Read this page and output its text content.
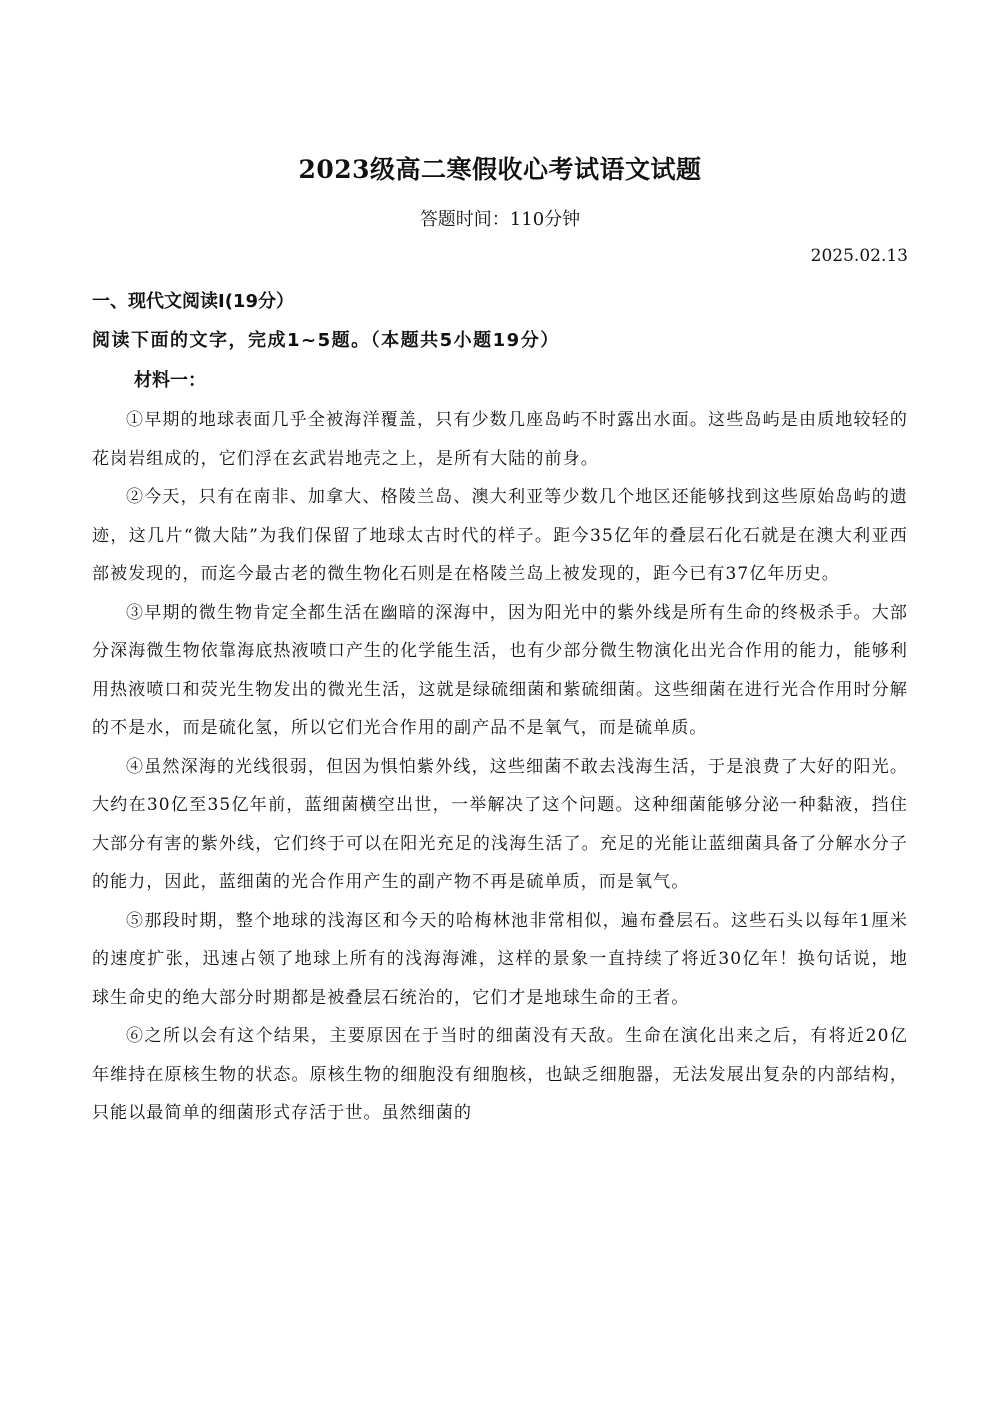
2023级高二寒假收心考试语文试题
答题时间：110分钟
2025.02.13
一、现代文阅读I(19分）
阅读下面的文字，完成1~5题。（本题共5小题19分）
材料一：

①早期的地球表面几乎全被海洋覆盖，只有少数几座岛屿不时露出水面。这些岛屿是由质地较轻的花岗岩组成的，它们浮在玄武岩地壳之上，是所有大陆的前身。

②今天，只有在南非、加拿大、格陵兰岛、澳大利亚等少数几个地区还能够找到这些原始岛屿的遗迹，这几片“微大陆”为我们保留了地球太古时代的样子。距今35亿年的叠层石化石就是在澳大利亚西部被发现的，而迄今最古老的微生物化石则是在格陵兰岛上被发现的，距今已有37亿年历史。

③早期的微生物肯定全都生活在幽暗的深海中，因为阳光中的紫外线是所有生命的终极杀手。大部分深海微生物依靠海底热液喷口产生的化学能生活，也有少部分微生物演化出光合作用的能力，能够利用热液喷口和荧光生物发出的微光生活，这就是绿硫细菌和紫硫细菌。这些细菌在进行光合作用时分解的不是水，而是硫化氢，所以它们光合作用的副产品不是氧气，而是硫单质。

④虽然深海的光线很弱，但因为惧怕紫外线，这些细菌不敢去浅海生活，于是浪费了大好的阳光。大约在30亿至35亿年前，蓝细菌横空出世，一举解决了这个问题。这种细菌能够分泌一种黏液，挡住大部分有害的紫外线，它们终于可以在阳光充足的浅海生活了。充足的光能让蓝细菌具备了分解水分子的能力，因此，蓝细菌的光合作用产生的副产物不再是硫单质，而是氧气。

⑤那段时期，整个地球的浅海区和今天的哈梅林池非常相似，遍布叠层石。这些石头以每年1厘米的速度扩张，迅速占领了地球上所有的浅海海滩，这样的景象一直持续了将近30亿年！换句话说，地球生命史的绝大部分时期都是被叠层石统治的，它们才是地球生命的王者。

⑥之所以会有这个结果，主要原因在于当时的细菌没有天敌。生命在演化出来之后，有将近20亿年维持在原核生物的状态。原核生物的细胞没有细胞核，也缺乏细胞器，无法发展出复杂的内部结构，只能以最简单的细菌形式存活于世。虽然细菌的
